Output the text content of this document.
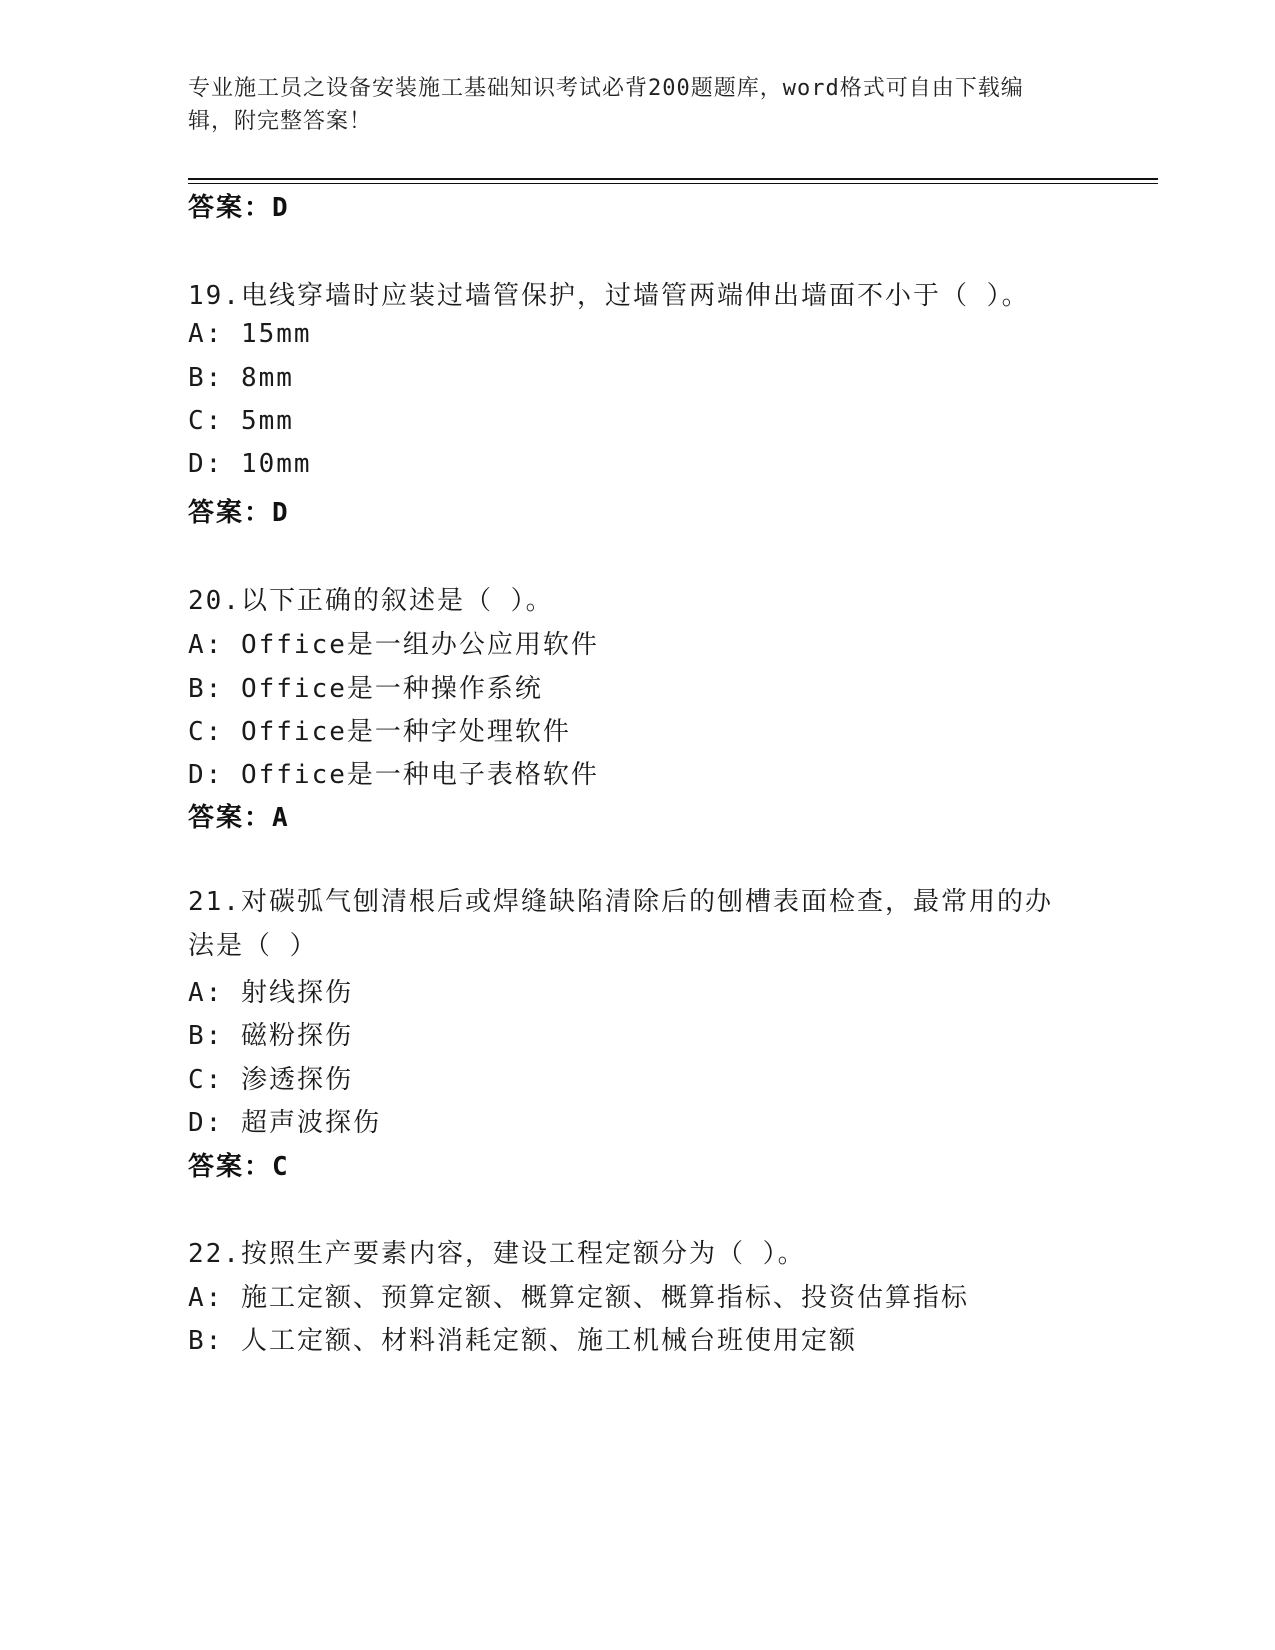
专业施工员之设备安装施工基础知识考试必背200题题库，word格式可自由下载编辑，附完整答案！
答案：D
19.电线穿墙时应装过墙管保护，过墙管两端伸出墙面不小于（ ）。
A: 15mm
B: 8mm
C: 5mm
D: 10mm
答案：D
20.以下正确的叙述是（ ）。
A: Office是一组办公应用软件
B: Office是一种操作系统
C: Office是一种字处理软件
D: Office是一种电子表格软件
答案：A
21.对碳弧气刨清根后或焊缝缺陷清除后的刨槽表面检查，最常用的办法是（ ）
A: 射线探伤
B: 磁粉探伤
C: 渗透探伤
D: 超声波探伤
答案：C
22.按照生产要素内容，建设工程定额分为（ ）。
A: 施工定额、预算定额、概算定额、概算指标、投资估算指标
B: 人工定额、材料消耗定额、施工机械台班使用定额
